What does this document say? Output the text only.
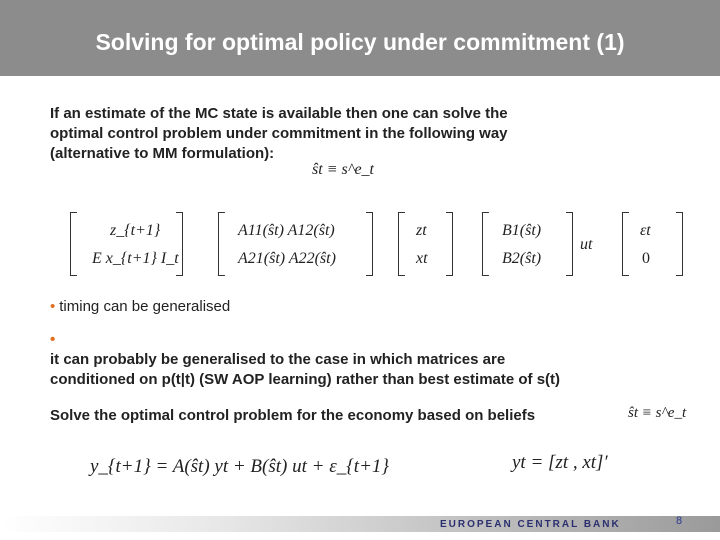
Solving for optimal policy under commitment (1)
If an estimate of the MC state is available then one can solve the
optimal control problem under commitment in the following way
(alternative to MM formulation):
ŝt ≡ s^e_t
z_{t+1}
E x_{t+1} I_t
A11(ŝt) A12(ŝt)
A21(ŝt) A22(ŝt)
zt
xt
B1(ŝt)
B2(ŝt)
ut
εt
0
• timing can be generalised
•
it can probably be generalised to the case in which matrices are
conditioned on p(t|t) (SW AOP learning) rather than best estimate of s(t)
Solve the optimal control problem for the economy based on beliefs	ŝt ≡ s^e_t
y_{t+1} = A(ŝt) yt + B(ŝt) ut + ε_{t+1}	yt = [zt , xt]′
EUROPEAN CENTRAL BANK	8
